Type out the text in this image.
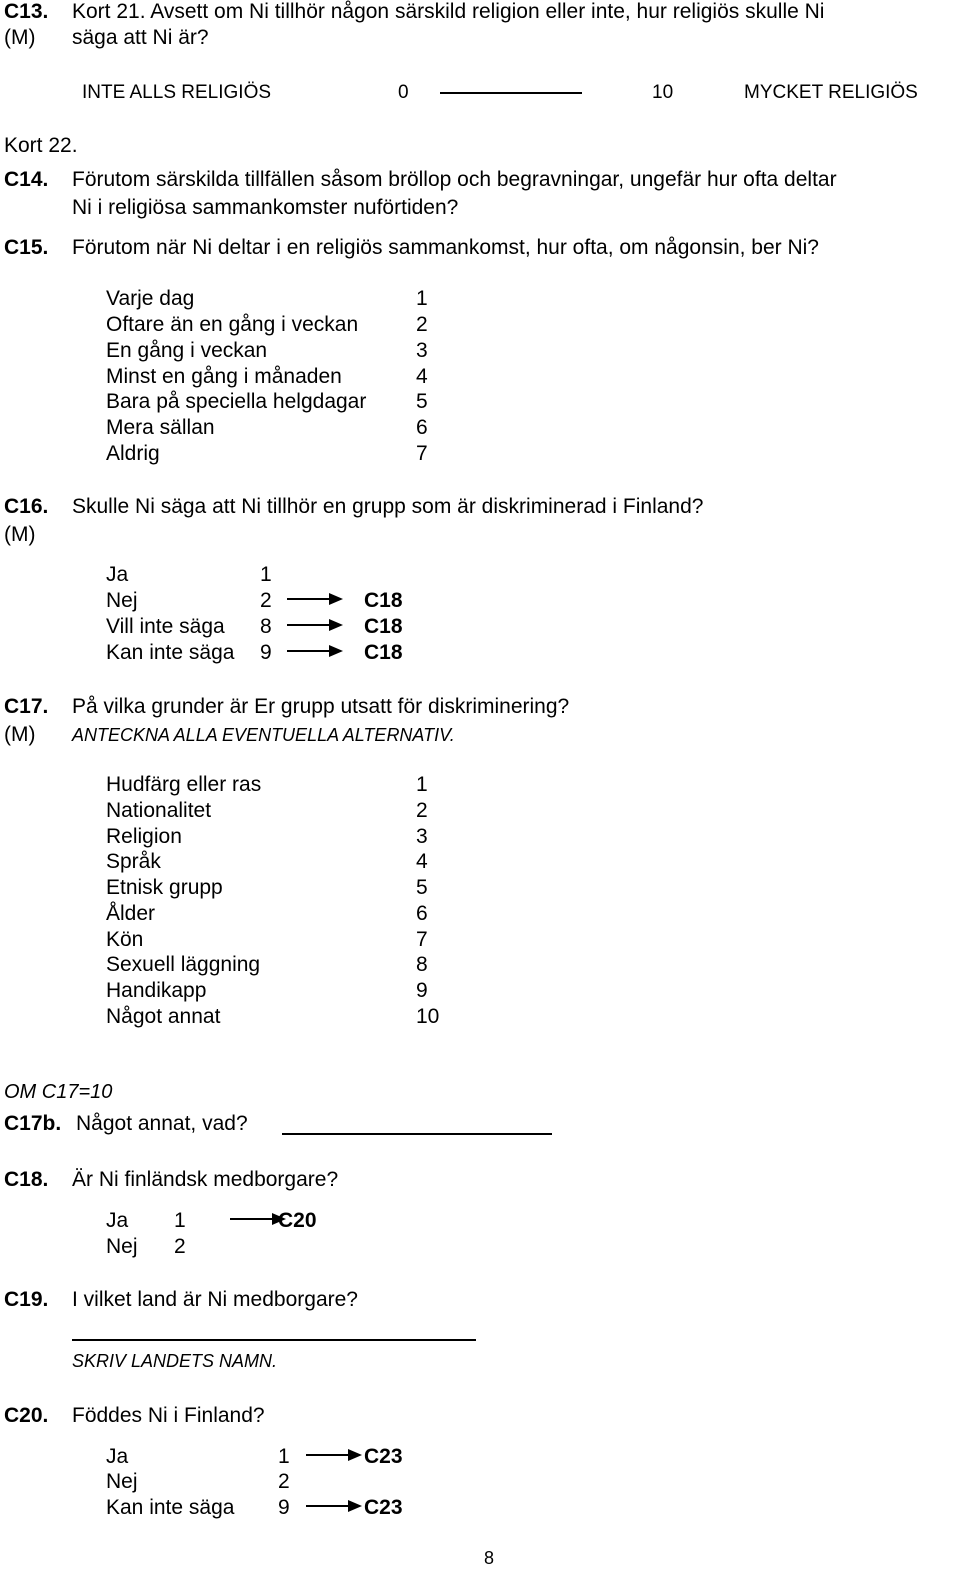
C13.
(M)
Kort 21. Avsett om Ni tillhör någon särskild religion eller inte, hur religiös skulle Ni
säga att Ni är?
INTE ALLS RELIGIÖS	0	10	MYCKET RELIGIÖS
Kort 22.
C14. Förutom särskilda tillfällen såsom bröllop och begravningar, ungefär hur ofta deltar
Ni i religiösa sammankomster nuförtiden?
C15. Förutom när Ni deltar i en religiös sammankomst, hur ofta, om någonsin, ber Ni?
Varje dag	1
Oftare än en gång i veckan	2
En gång i veckan	3
Minst en gång i månaden	4
Bara på speciella helgdagar 5
Mera sällan	6
Aldrig	7
C16.
(M)
Skulle Ni säga att Ni tillhör en grupp som är diskriminerad i Finland?
Ja	1
Nej	2	C18
Vill inte säga 8	C18
Kan inte säga 9	C18
C17.
(M)
På vilka grunder är Er grupp utsatt för diskriminering?
ANTECKNA ALLA EVENTUELLA ALTERNATIV.
Hudfärg eller ras	1
Nationalitet	2
Religion	3
Språk	4
Etnisk grupp	5
Ålder	6
Kön	7
Sexuell läggning	8
Handikapp	9
Något annat	10
OM C17=10
C17b. Något annat, vad?
C18. Är Ni finländsk medborgare?
Ja 1	C20
Nej 2
C19. I vilket land är Ni medborgare?
SKRIV LANDETS NAMN.
C20. Föddes Ni i Finland?
Ja	1	C23
Nej	2
Kan inte säga 9	C23
8
